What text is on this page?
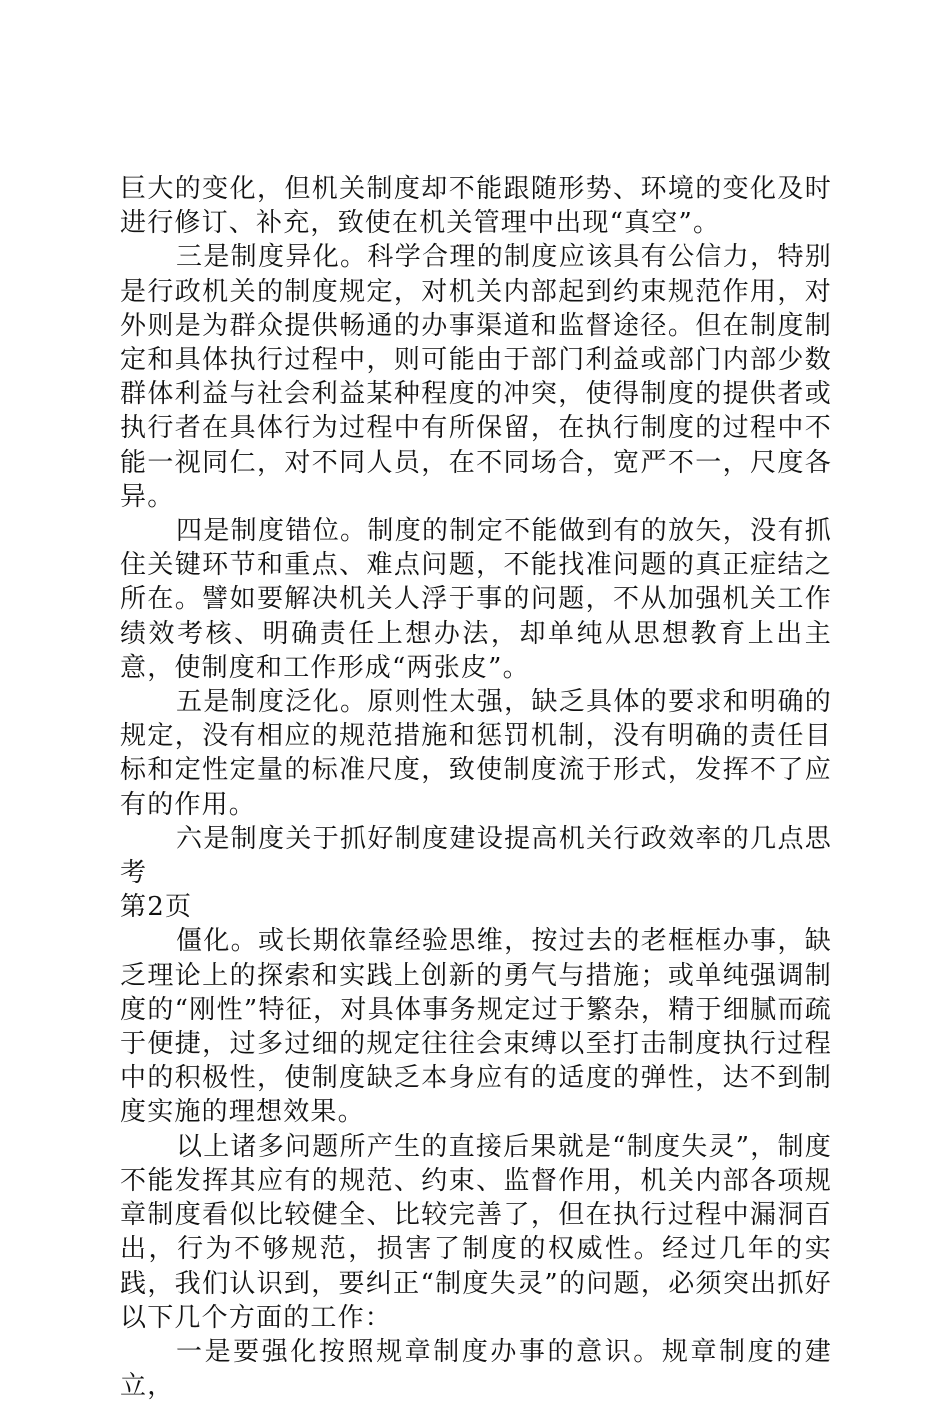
巨大的变化，但机关制度却不能跟随形势、环境的变化及时进行修订、补充，致使在机关管理中出现“真空”。

三是制度异化。科学合理的制度应该具有公信力，特别是行政机关的制度规定，对机关内部起到约束规范作用，对外则是为群众提供畅通的办事渠道和监督途径。但在制度制定和具体执行过程中，则可能由于部门利益或部门内部少数群体利益与社会利益某种程度的冲突，使得制度的提供者或执行者在具体行为过程中有所保留，在执行制度的过程中不能一视同仁，对不同人员，在不同场合，宽严不一，尺度各异。

四是制度错位。制度的制定不能做到有的放矢，没有抓住关键环节和重点、难点问题，不能找准问题的真正症结之所在。譬如要解决机关人浮于事的问题，不从加强机关工作绩效考核、明确责任上想办法，却单纯从思想教育上出主意，使制度和工作形成“两张皮”。

五是制度泛化。原则性太强，缺乏具体的要求和明确的规定，没有相应的规范措施和惩罚机制，没有明确的责任目标和定性定量的标准尺度，致使制度流于形式，发挥不了应有的作用。

六是制度关于抓好制度建设提高机关行政效率的几点思考

第2页

僵化。或长期依靠经验思维，按过去的老框框办事，缺乏理论上的探索和实践上创新的勇气与措施；或单纯强调制度的“刚性”特征，对具体事务规定过于繁杂，精于细腻而疏于便捷，过多过细的规定往往会束缚以至打击制度执行过程中的积极性，使制度缺乏本身应有的适度的弹性，达不到制度实施的理想效果。

以上诸多问题所产生的直接后果就是“制度失灵”，制度不能发挥其应有的规范、约束、监督作用，机关内部各项规章制度看似比较健全、比较完善了，但在执行过程中漏洞百出，行为不够规范，损害了制度的权威性。经过几年的实践，我们认识到，要纠正“制度失灵”的问题，必须突出抓好以下几个方面的工作：

一是要强化按照规章制度办事的意识。规章制度的建立，
